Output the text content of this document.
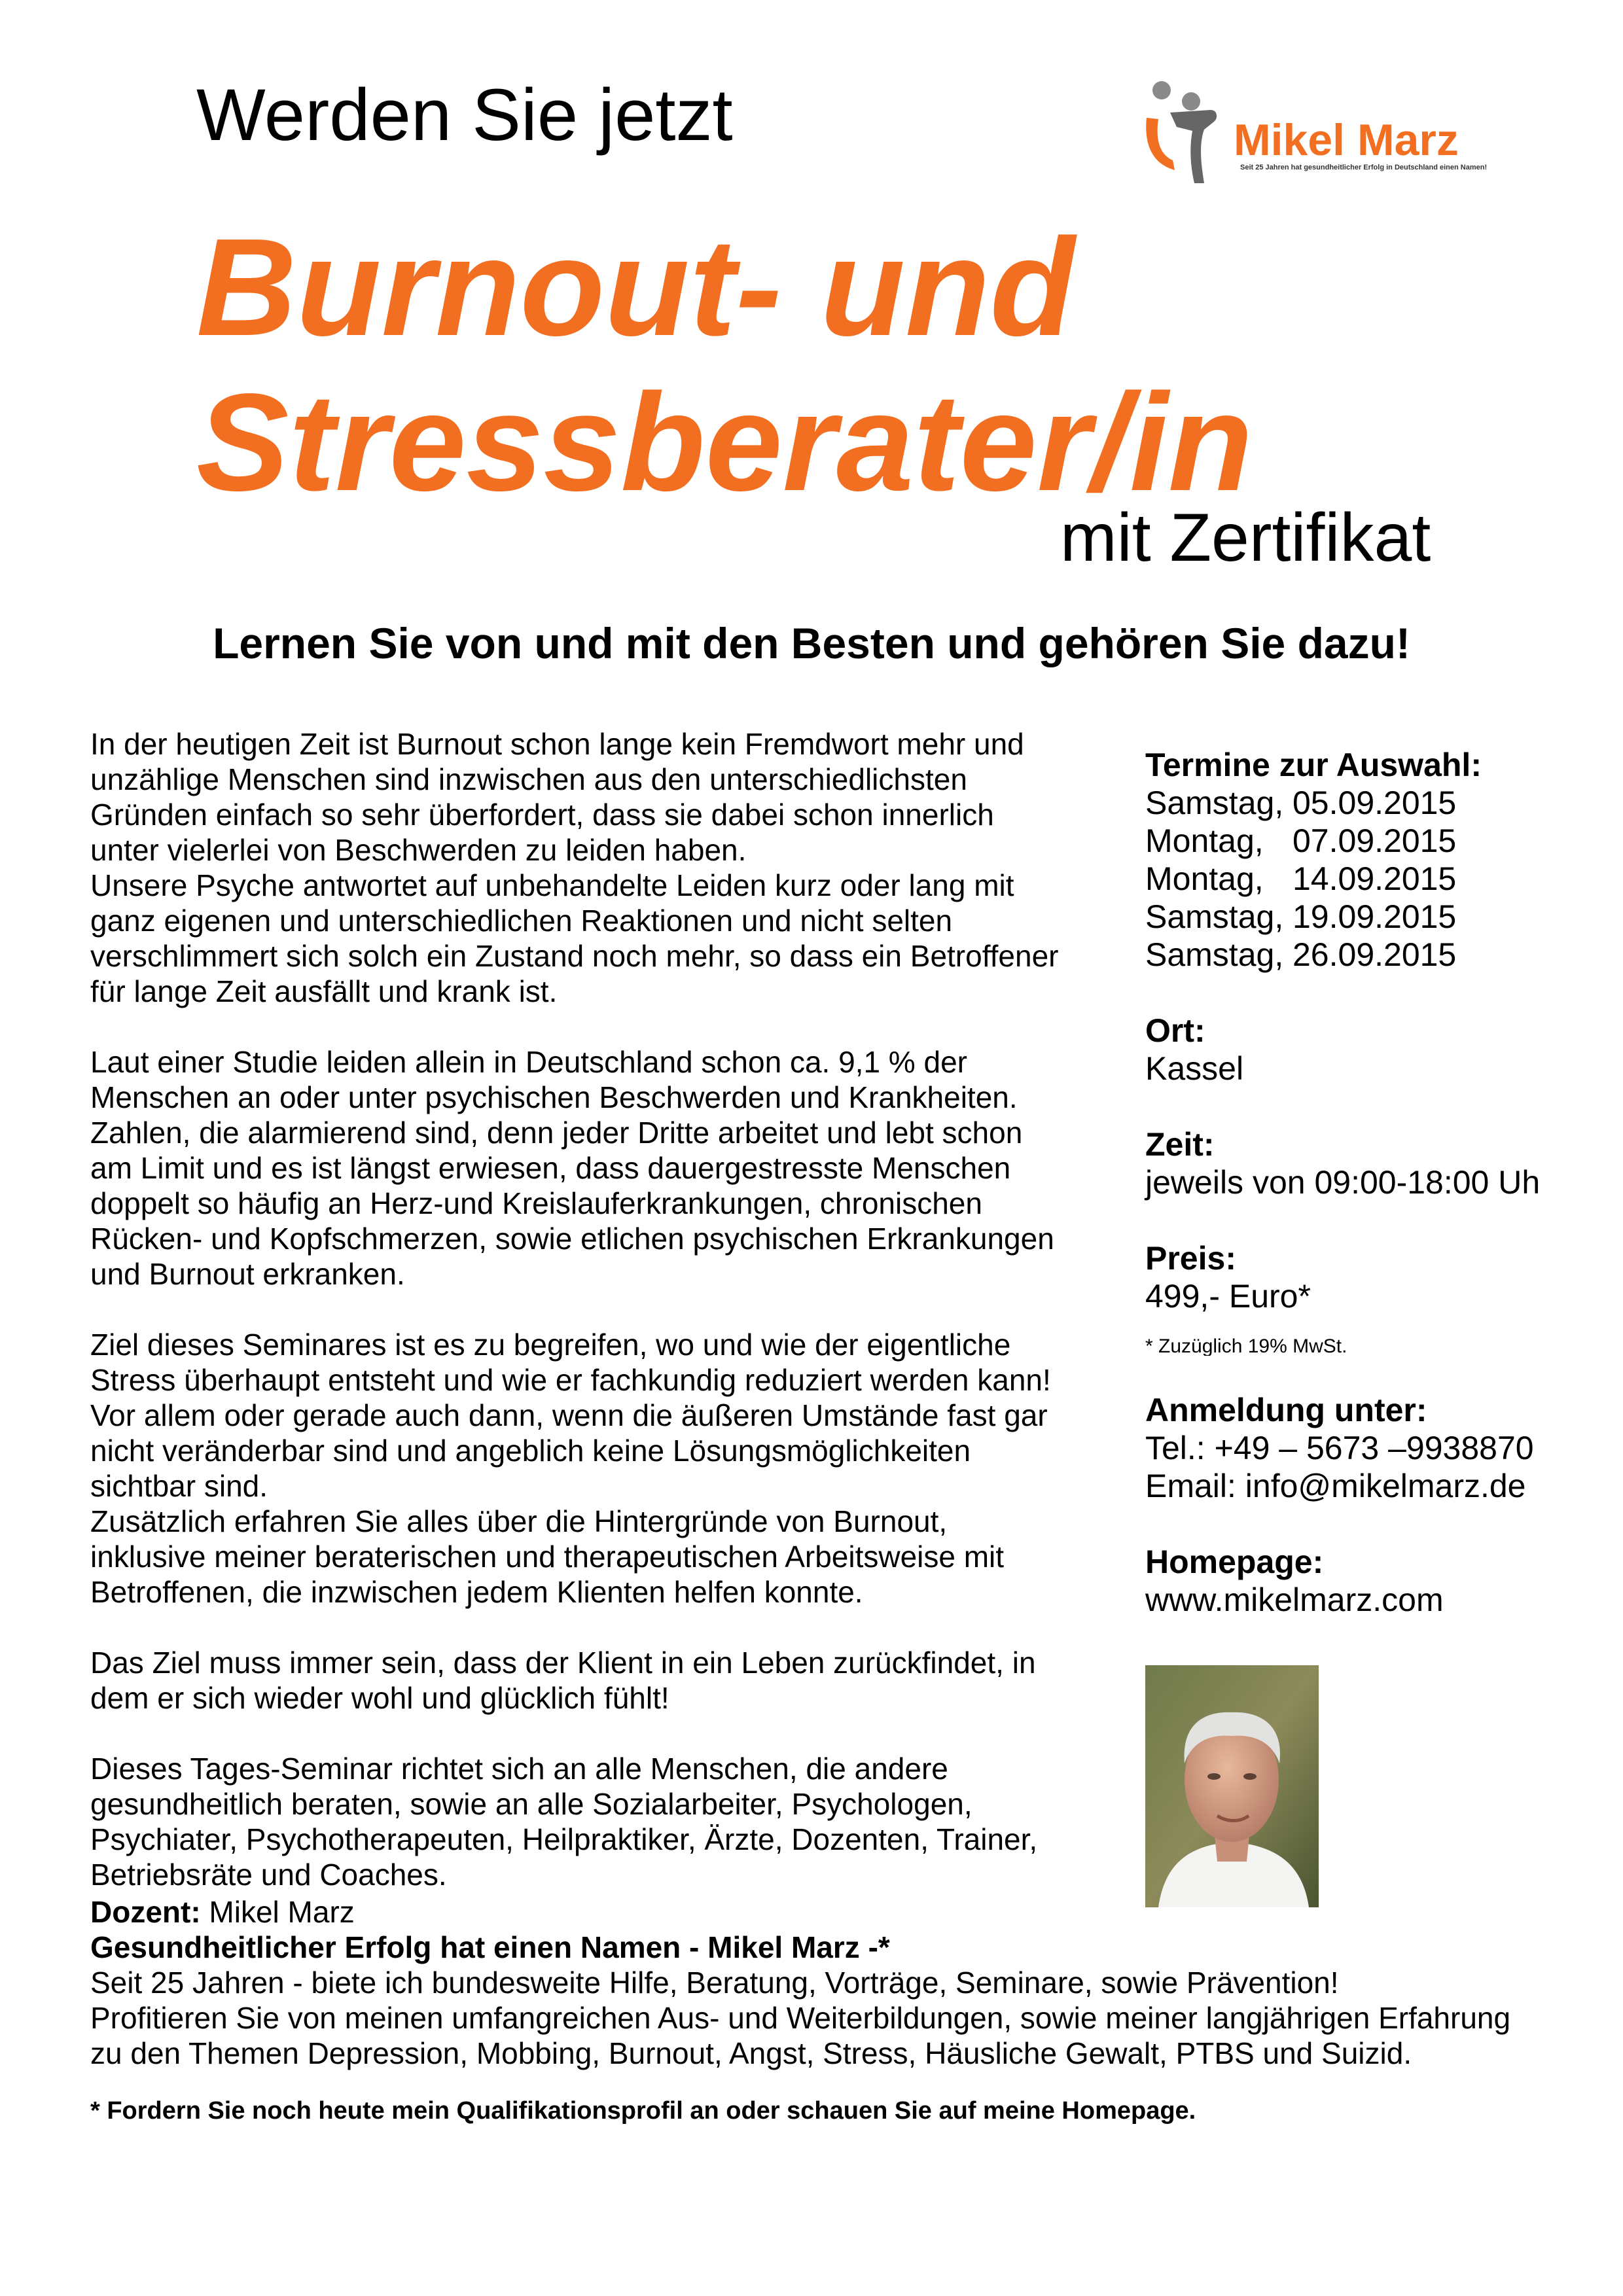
Mikel Marz
Seit 25 Jahren hat gesundheitlicher Erfolg in Deutschland einen Namen!
Werden Sie jetzt
Burnout- und
Stressberater/in
mit Zertifikat
Lernen Sie von und mit den Besten und gehören Sie dazu!

In der heutigen Zeit ist Burnout schon lange kein Fremdwort mehr und
unzählige Menschen sind inzwischen aus den unterschiedlichsten
Gründen einfach so sehr überfordert, dass sie dabei schon innerlich
unter vielerlei von Beschwerden zu leiden haben.
Unsere Psyche antwortet auf unbehandelte Leiden kurz oder lang mit
ganz eigenen und unterschiedlichen Reaktionen und nicht selten
verschlimmert sich solch ein Zustand noch mehr, so dass ein Betroffener
für lange Zeit ausfällt und krank ist.

Laut einer Studie leiden allein in Deutschland schon ca. 9,1 % der
Menschen an oder unter psychischen Beschwerden und Krankheiten.
Zahlen, die alarmierend sind, denn jeder Dritte arbeitet und lebt schon
am Limit und es ist längst erwiesen, dass dauergestresste Menschen
doppelt so häufig an Herz-und Kreislauferkrankungen, chronischen
Rücken- und Kopfschmerzen, sowie etlichen psychischen Erkrankungen
und Burnout erkranken.

Ziel dieses Seminares ist es zu begreifen, wo und wie der eigentliche
Stress überhaupt entsteht und wie er fachkundig reduziert werden kann!
Vor allem oder gerade auch dann, wenn die äußeren Umstände fast gar
nicht veränderbar sind und angeblich keine Lösungsmöglichkeiten
sichtbar sind.
Zusätzlich erfahren Sie alles über die Hintergründe von Burnout,
inklusive meiner beraterischen und therapeutischen Arbeitsweise mit
Betroffenen, die inzwischen jedem Klienten helfen konnte.

Das Ziel muss immer sein, dass der Klient in ein Leben zurückfindet, in
dem er sich wieder wohl und glücklich fühlt!

Dieses Tages-Seminar richtet sich an alle Menschen, die andere
gesundheitlich beraten, sowie an alle Sozialarbeiter, Psychologen,
Psychiater, Psychotherapeuten, Heilpraktiker, Ärzte, Dozenten, Trainer,
Betriebsräte und Coaches.

Termine zur Auswahl:
Samstag, 05.09.2015
Montag, 07.09.2015
Montag, 14.09.2015
Samstag, 19.09.2015
Samstag, 26.09.2015
Ort:
Kassel
Zeit:
jeweils von 09:00-18:00 Uh
Preis:
499,- Euro*
* Zuzüglich 19% MwSt.
Anmeldung unter:
Tel.: +49 – 5673 –9938870
Email: info@mikelmarz.de
Homepage:
www.mikelmarz.com
Dozent: Mikel Marz
Gesundheitlicher Erfolg hat einen Namen - Mikel Marz -*
Seit 25 Jahren - biete ich bundesweite Hilfe, Beratung, Vorträge, Seminare, sowie Prävention!
Profitieren Sie von meinen umfangreichen Aus- und Weiterbildungen, sowie meiner langjährigen Erfahrung
zu den Themen Depression, Mobbing, Burnout, Angst, Stress, Häusliche Gewalt, PTBS und Suizid.
* Fordern Sie noch heute mein Qualifikationsprofil an oder schauen Sie auf meine Homepage.
